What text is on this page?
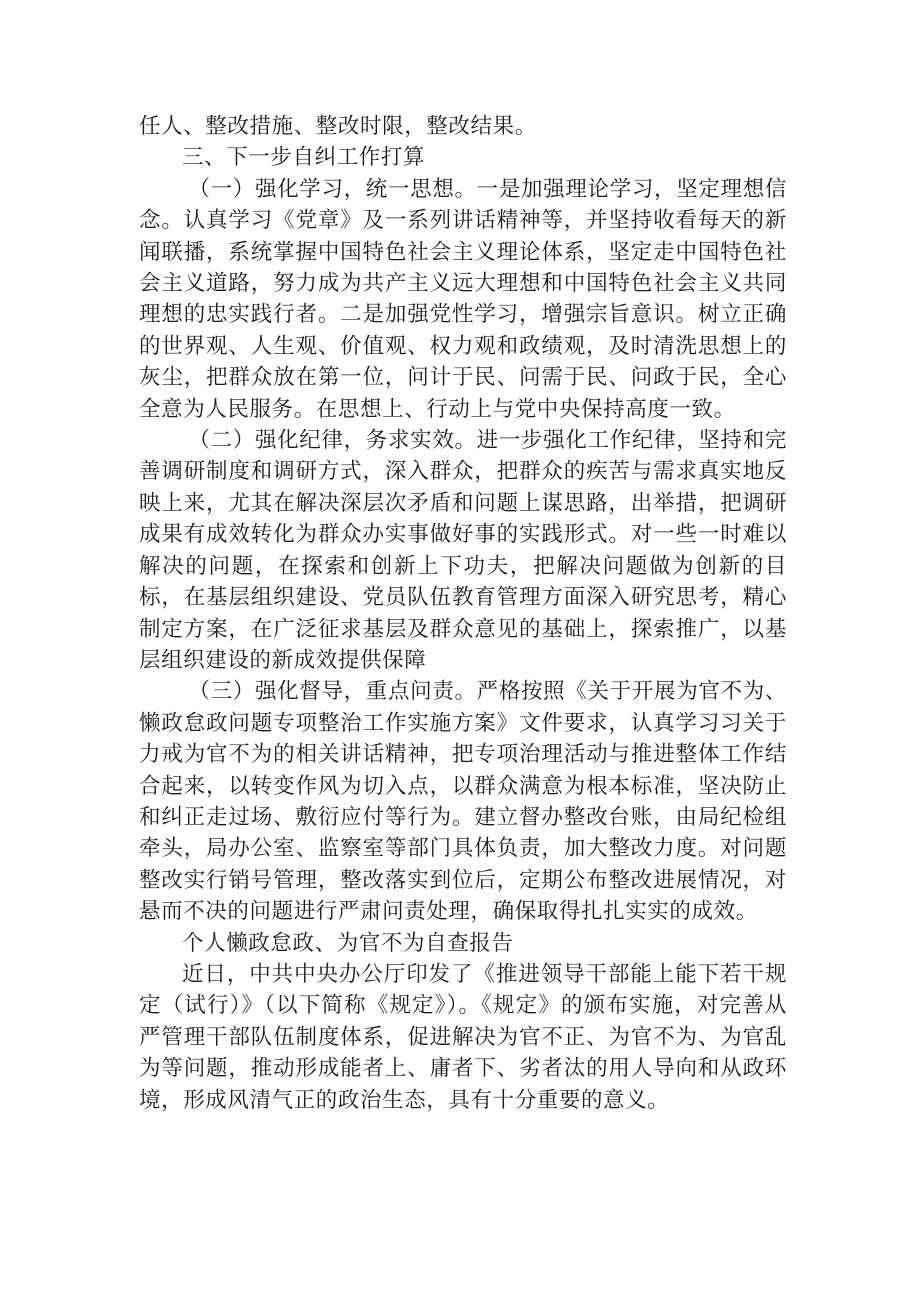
任人、整改措施、整改时限，整改结果。

三、下一步自纠工作打算

（一）强化学习，统一思想。一是加强理论学习，坚定理想信念。认真学习《党章》及一系列讲话精神等，并坚持收看每天的新闻联播，系统掌握中国特色社会主义理论体系，坚定走中国特色社会主义道路，努力成为共产主义远大理想和中国特色社会主义共同理想的忠实践行者。二是加强党性学习，增强宗旨意识。树立正确的世界观、人生观、价值观、权力观和政绩观，及时清洗思想上的灰尘，把群众放在第一位，问计于民、问需于民、问政于民，全心全意为人民服务。在思想上、行动上与党中央保持高度一致。

（二）强化纪律，务求实效。进一步强化工作纪律，坚持和完善调研制度和调研方式，深入群众，把群众的疾苦与需求真实地反映上来，尤其在解决深层次矛盾和问题上谋思路，出举措，把调研成果有成效转化为群众办实事做好事的实践形式。对一些一时难以解决的问题，在探索和创新上下功夫，把解决问题做为创新的目标，在基层组织建设、党员队伍教育管理方面深入研究思考，精心制定方案，在广泛征求基层及群众意见的基础上，探索推广，以基层组织建设的新成效提供保障

（三）强化督导，重点问责。严格按照《关于开展为官不为、懒政怠政问题专项整治工作实施方案》文件要求，认真学习习关于力戒为官不为的相关讲话精神，把专项治理活动与推进整体工作结合起来，以转变作风为切入点，以群众满意为根本标准，坚决防止和纠正走过场、敷衍应付等行为。建立督办整改台账，由局纪检组牵头，局办公室、监察室等部门具体负责，加大整改力度。对问题整改实行销号管理，整改落实到位后，定期公布整改进展情况，对悬而不决的问题进行严肃问责处理，确保取得扎扎实实的成效。

个人懒政怠政、为官不为自查报告

近日，中共中央办公厅印发了《推进领导干部能上能下若干规定（试行）》（以下简称《规定》）。《规定》的颁布实施，对完善从严管理干部队伍制度体系，促进解决为官不正、为官不为、为官乱为等问题，推动形成能者上、庸者下、劣者汰的用人导向和从政环境，形成风清气正的政治生态，具有十分重要的意义。
